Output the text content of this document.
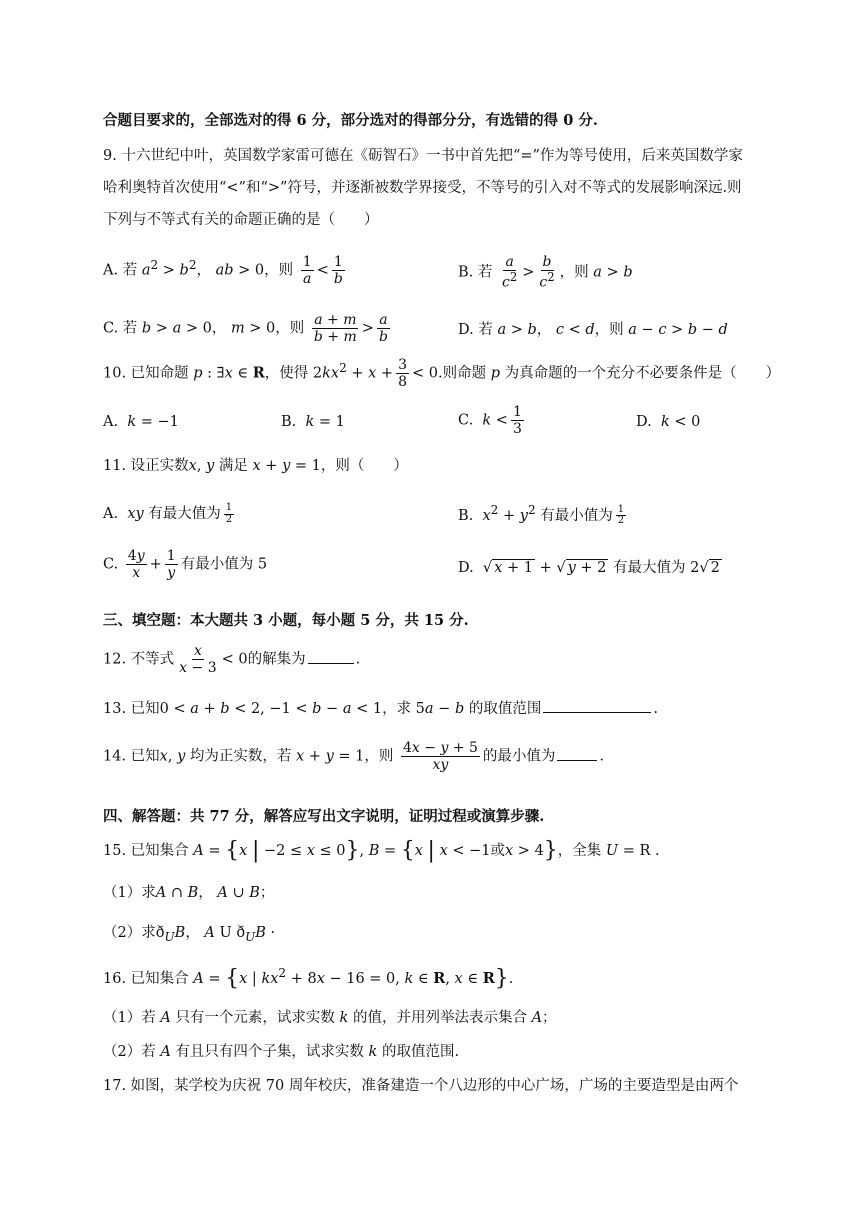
合题目要求的，全部选对的得 6 分，部分选对的得部分分，有选错的得 0 分.
9. 十六世纪中叶，英国数学家雷可德在《砺智石》一书中首先把“=”作为等号使用，后来英国数学家
哈利奥特首次使用“<”和“>”符号，并逐渐被数学界接受，不等号的引入对不等式的发展影响深远.则
下列与不等式有关的命题正确的是（　　）
A. 若 $a^2 > b^2$， ab > 0，则 $\frac{1}{a} < \frac{1}{b}$	B. 若 $\frac{a}{c^2} > \frac{b}{c^2}$ ，则 a > b
C. 若 b > a > 0， m > 0，则 $\frac{a + m}{b + m} > \frac{a}{b}$	D. 若 a > b， c < d，则 a − c > b − d
10. 已知命题 p : ∃x ∈ R，使得 $2kx^2 + x + \frac{3}{8} < 0$.则命题 p 为真命题的一个充分不必要条件是（　　）
A. k = −1	B. k = 1	C. $k < \frac{1}{3}$	D. k < 0
11. 设正实数x, y 满足 x + y = 1，则（　　）
A. xy 有最大值为 $\frac{1}{2}$	B. $x^2 + y^2$ 有最小值为 $\frac{1}{2}$
C. $\frac{4y}{x} + \frac{1}{y}$ 有最小值为 5	D.  √ x + 1 + √ y + 2 有最大值为 2√ 2
三、填空题：本大题共 3 小题，每小题 5 分，共 15 分.
12. 不等式 $\frac{x}{x - 3} < 0$的解集为	.
13. 已知0 < a + b < 2, −1 < b − a < 1，求 5a − b 的取值范围	.
14. 已知x, y 均为正实数，若 x + y = 1，则 $\frac{4x - y + 5}{xy}$ 的最小值为	.
四、解答题：共 77 分，解答应写出文字说明，证明过程或演算步骤.
15. 已知集合 A = {x | −2 ≤ x ≤ 0}, B = {x | x < −1或x > 4}，全集 U = R .
（1）求A ∩ B， A ∪ B；
（2）求$ð_UB$， A U $ð_UB$ ·
16. 已知集合 A = {x | $kx^2 + 8x - 16 = 0$, k ∈ R, x ∈ R}.
（1）若 A 只有一个元素，试求实数 k 的值，并用列举法表示集合 A；
（2）若 A 有且只有四个子集，试求实数 k 的取值范围.
17. 如图，某学校为庆祝 70 周年校庆，准备建造一个八边形的中心广场，广场的主要造型是由两个
